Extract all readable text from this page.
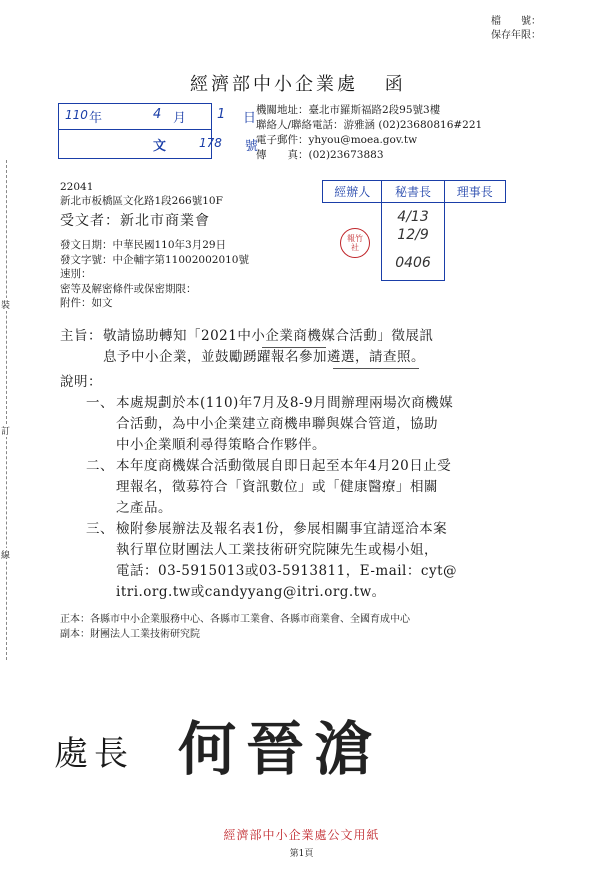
檔　　號：
保存年限：
經濟部中小企業處 函
110 年	4 月 1 日
文	178 號
機關地址：臺北市羅斯福路2段95號3樓
聯絡人/聯絡電話：游雅涵 (02)23680816#221
電子郵件：yhyou@moea.gov.tw
傳　　真：(02)23673883
22041
新北市板橋區文化路1段266號10F
受文者：新北市商業會
經辦人	秘書長	理事長

	4/13
12/9
0406	

報竹社
發文日期：中華民國110年3月29日
發文字號：中企輔字第11002002010號
速別：
密等及解密條件或保密期限：
附件：如文
裝
訂
線
主旨： 敬請協助轉知「2021中小企業商機媒合活動」徵展訊
息予中小企業，並鼓勵踴躍報名參加遴選，請查照。
說明：
一、 本處規劃於本(110)年7月及8-9月間辦理兩場次商機媒
合活動，為中小企業建立商機串聯與媒合管道，協助
中小企業順利尋得策略合作夥伴。
二、 本年度商機媒合活動徵展自即日起至本年4月20日止受
理報名，徵募符合「資訊數位」或「健康醫療」相關
之產品。
三、 檢附參展辦法及報名表1份，參展相關事宜請逕洽本案
執行單位財團法人工業技術研究院陳先生或楊小姐，
電話：03-5915013或03-5913811，E-mail：cyt@
itri.org.tw或candyyang@itri.org.tw。
正本：各縣市中小企業服務中心、各縣市工業會、各縣市商業會、全國育成中心
副本：財團法人工業技術研究院
處長 何晉滄
經濟部中小企業處公文用紙
第1頁
